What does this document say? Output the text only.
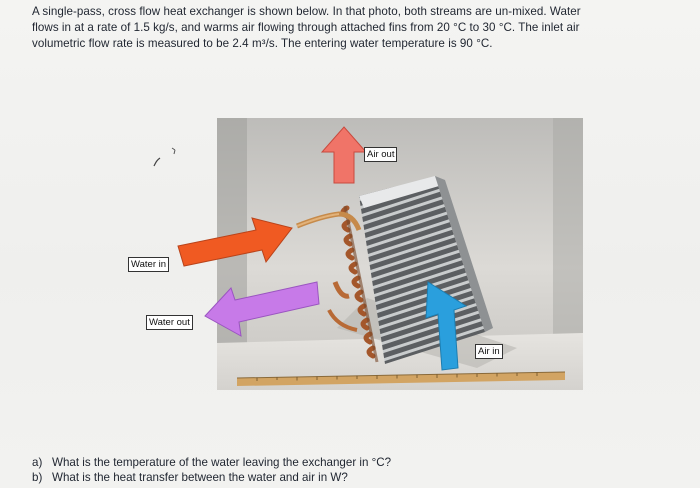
A single-pass, cross flow heat exchanger is shown below. In that photo, both streams are un-mixed. Water
flows in at a rate of 1.5 kg/s, and warms air flowing through attached fins from 20 °C to 30 °C. The inlet air
volumetric flow rate is measured to be 2.4 m³/s. The entering water temperature is 90 °C.
Air out
Water in
Water out
Air in
a) What is the temperature of the water leaving the exchanger in °C?
b) What is the heat transfer between the water and air in W?
